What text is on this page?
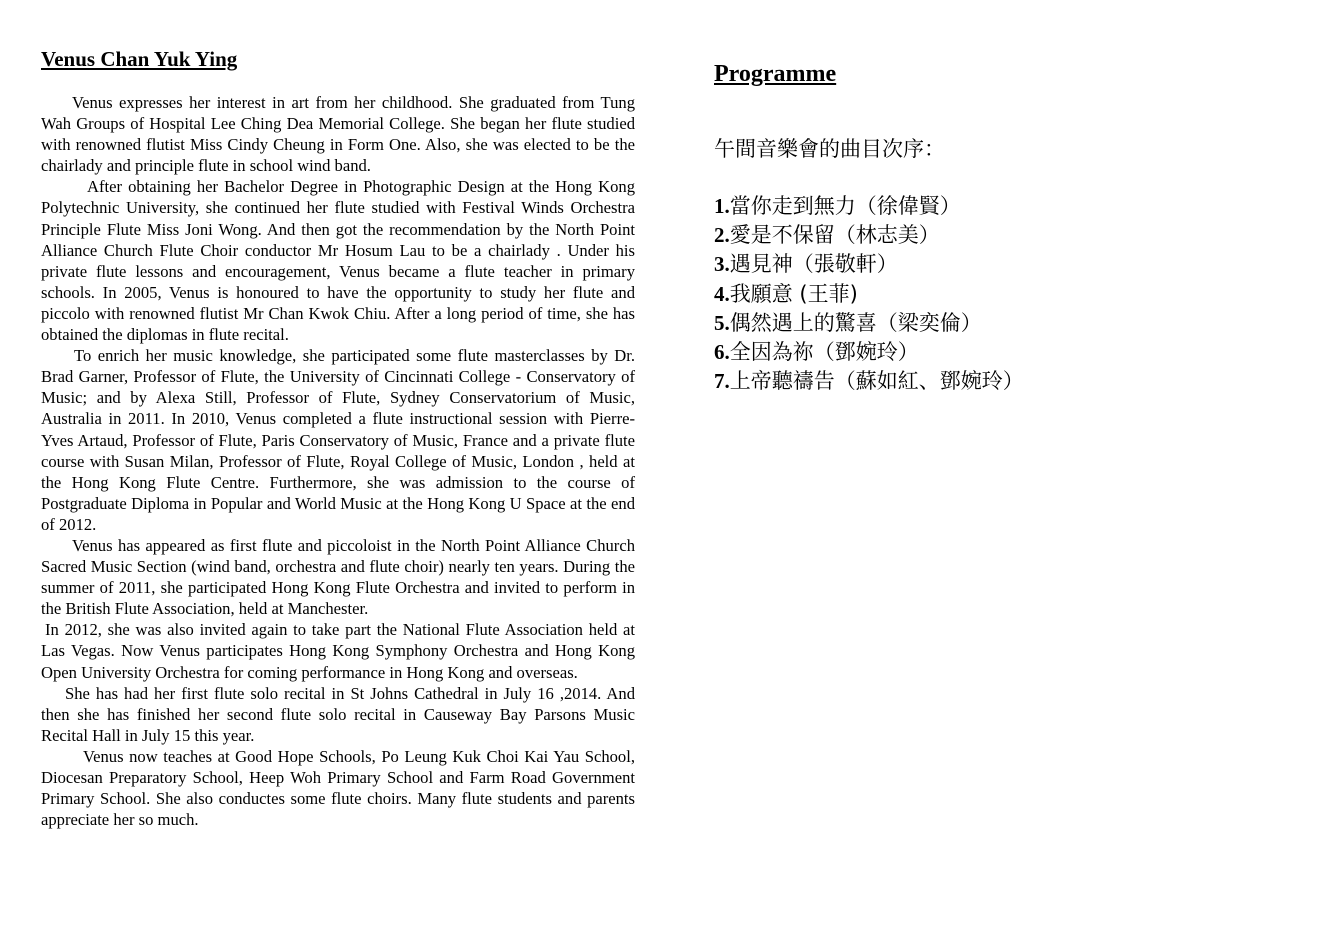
Venus Chan Yuk Ying

Venus expresses her interest in art from her childhood. She graduated from Tung Wah Groups of Hospital Lee Ching Dea Memorial College. She began her flute studied with renowned flutist Miss Cindy Cheung in Form One. Also, she was elected to be the chairlady and principle flute in school wind band.

After obtaining her Bachelor Degree in Photographic Design at the Hong Kong Polytechnic University, she continued her flute studied with Festival Winds Orchestra Principle Flute Miss Joni Wong. And then got the recommendation by the North Point Alliance Church Flute Choir conductor Mr Hosum Lau to be a chairlady . Under his private flute lessons and encouragement, Venus became a flute teacher in primary schools. In 2005, Venus is honoured to have the opportunity to study her flute and piccolo with renowned flutist Mr Chan Kwok Chiu. After a long period of time, she has obtained the diplomas in flute recital.

To enrich her music knowledge, she participated some flute masterclasses by Dr. Brad Garner, Professor of Flute, the University of Cincinnati College - Conservatory of Music; and by Alexa Still, Professor of Flute, Sydney Conservatorium of Music, Australia in 2011. In 2010, Venus completed a flute instructional session with Pierre- Yves Artaud, Professor of Flute, Paris Conservatory of Music, France and a private flute course with Susan Milan, Professor of Flute, Royal College of Music, London , held at the Hong Kong Flute Centre. Furthermore, she was admission to the course of Postgraduate Diploma in Popular and World Music at the Hong Kong U Space at the end of 2012.

Venus has appeared as first flute and piccoloist in the North Point Alliance Church Sacred Music Section (wind band, orchestra and flute choir) nearly ten years. During the summer of 2011, she participated Hong Kong Flute Orchestra and invited to perform in the British Flute Association, held at Manchester.

In 2012, she was also invited again to take part the National Flute Association held at Las Vegas. Now Venus participates Hong Kong Symphony Orchestra and Hong Kong Open University Orchestra for coming performance in Hong Kong and overseas.

She has had her first flute solo recital in St Johns Cathedral in July 16 ,2014. And then she has finished her second flute solo recital in Causeway Bay Parsons Music Recital Hall in July 15 this year.

Venus now teaches at Good Hope Schools, Po Leung Kuk Choi Kai Yau School, Diocesan Preparatory School, Heep Woh Primary School and Farm Road Government Primary School. She also conductes some flute choirs. Many flute students and parents appreciate her so much.

Programme
午間音樂會的曲目次序：
1.當你走到無力（徐偉賢）
2.愛是不保留（林志美）
3.遇見神（張敬軒）
4.我願意 (王菲)
5.偶然遇上的驚喜（梁奕倫）
6.全因為祢（鄧婉玲）
7.上帝聽禱告（蘇如紅、鄧婉玲）
